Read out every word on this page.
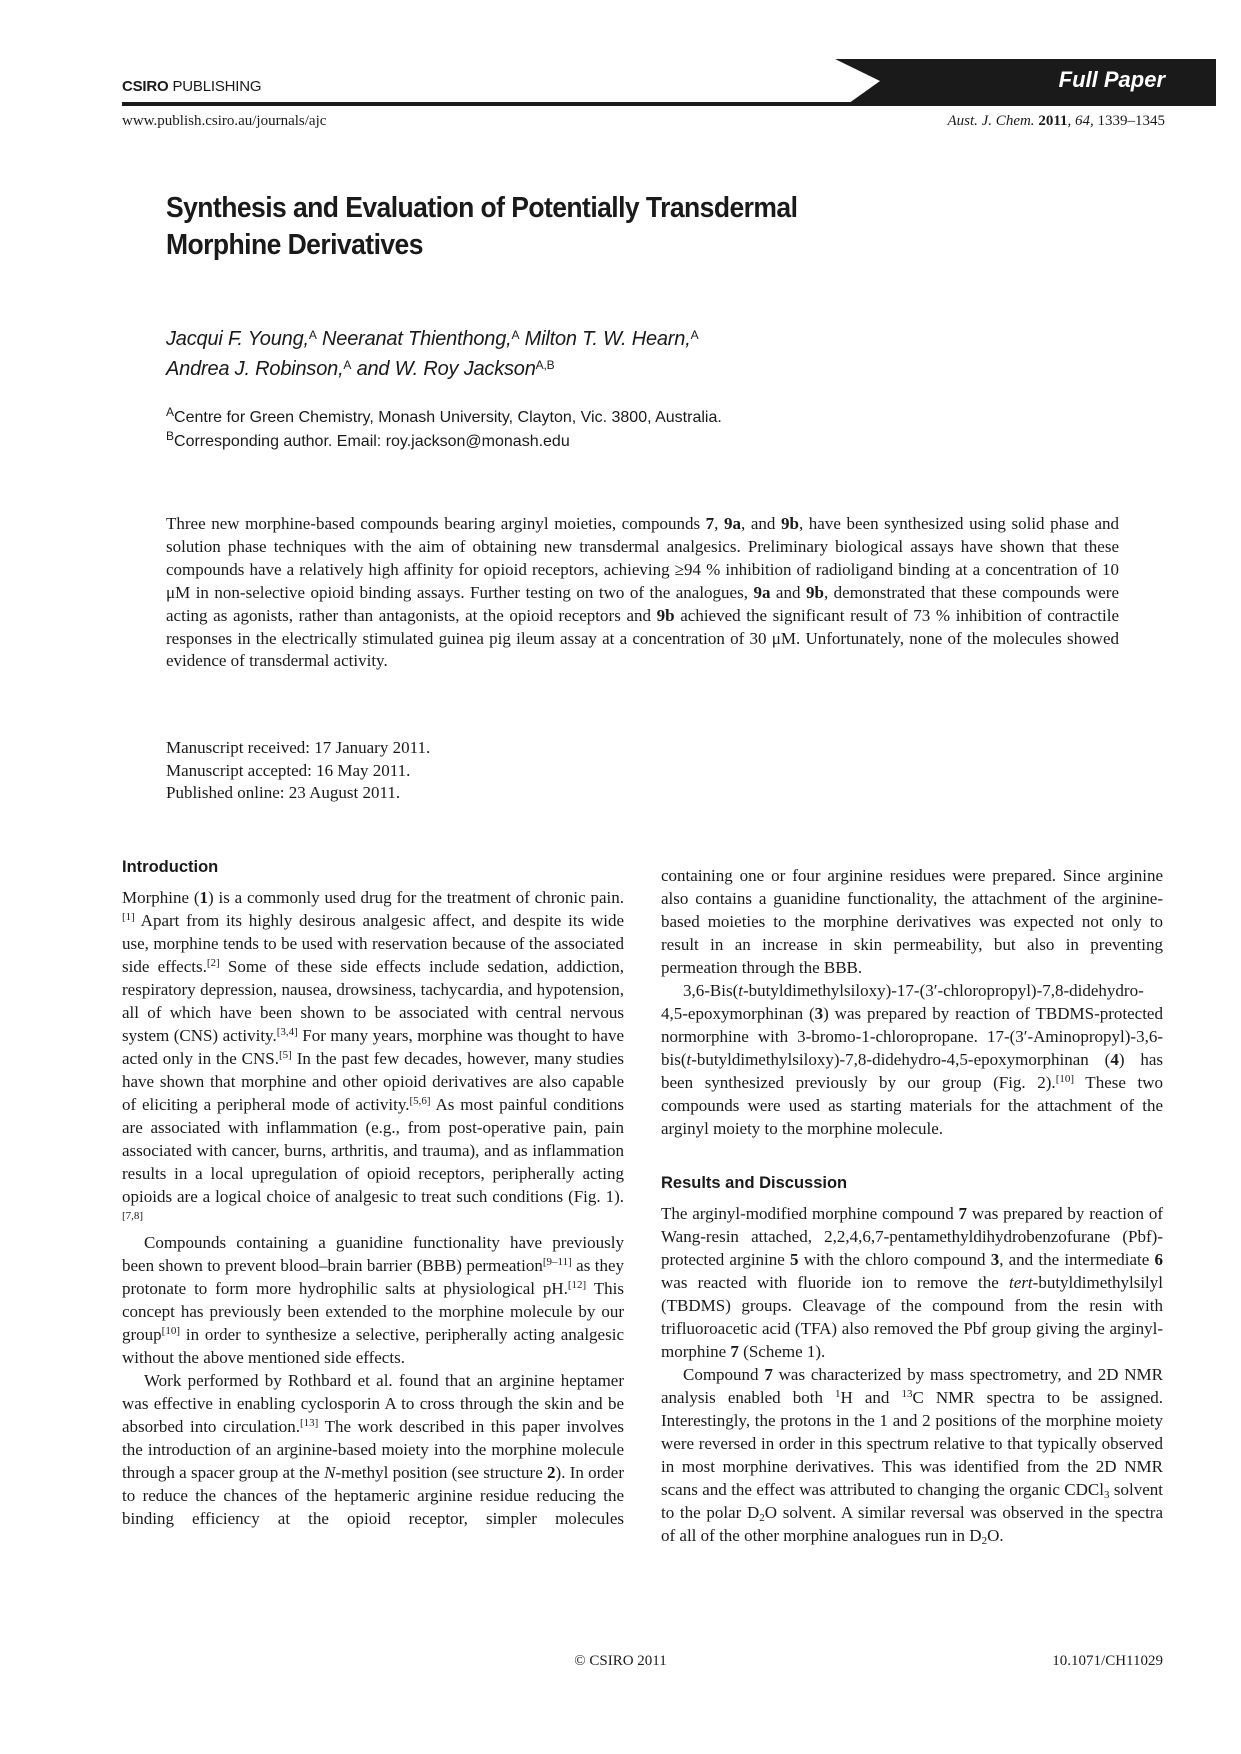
CSIRO PUBLISHING	Full Paper
www.publish.csiro.au/journals/ajc	Aust. J. Chem. 2011, 64, 1339–1345
Synthesis and Evaluation of Potentially Transdermal
Morphine Derivatives
Jacqui F. Young,$^A$ Neeranat Thienthong,$^A$ Milton T. W. Hearn,$^A$
Andrea J. Robinson,$^A$ and W. Roy Jackson$^{A,B}$
$^A$Centre for Green Chemistry, Monash University, Clayton, Vic. 3800, Australia.
$^B$Corresponding author. Email: roy.jackson@monash.edu
Three new morphine-based compounds bearing arginyl moieties, compounds 7, 9a, and 9b, have been synthesized using solid phase and solution phase techniques with the aim of obtaining new transdermal analgesics. Preliminary biological assays have shown that these compounds have a relatively high affinity for opioid receptors, achieving ≥94 % inhibition of radioligand binding at a concentration of 10 μM in non-selective opioid binding assays. Further testing on two of the analogues, 9a and 9b, demonstrated that these compounds were acting as agonists, rather than antagonists, at the opioid receptors and 9b achieved the significant result of 73 % inhibition of contractile responses in the electrically stimulated guinea pig ileum assay at a concentration of 30 μM. Unfortunately, none of the molecules showed evidence of transdermal activity.
Manuscript received: 17 January 2011.
Manuscript accepted: 16 May 2011.
Published online: 23 August 2011.
Introduction

Morphine (1) is a commonly used drug for the treatment of chronic pain.[1] Apart from its highly desirous analgesic affect, and despite its wide use, morphine tends to be used with reservation because of the associated side effects.[2] Some of these side effects include sedation, addiction, respiratory depression, nausea, drowsiness, tachycardia, and hypotension, all of which have been shown to be associated with central nervous system (CNS) activity.[3,4] For many years, morphine was thought to have acted only in the CNS.[5] In the past few decades, however, many studies have shown that morphine and other opioid derivatives are also capable of eliciting a peripheral mode of activity.[5,6] As most painful conditions are associated with inflammation (e.g., from post-operative pain, pain associated with cancer, burns, arthritis, and trauma), and as inflammation results in a local upregulation of opioid receptors, peripherally acting opioids are a logical choice of analgesic to treat such conditions (Fig. 1).[7,8]

Compounds containing a guanidine functionality have previously been shown to prevent blood–brain barrier (BBB) permeation[9–11] as they protonate to form more hydrophilic salts at physiological pH.[12] This concept has previously been extended to the morphine molecule by our group[10] in order to synthesize a selective, peripherally acting analgesic without the above mentioned side effects.

Work performed by Rothbard et al. found that an arginine heptamer was effective in enabling cyclosporin A to cross through the skin and be absorbed into circulation.[13] The work described in this paper involves the introduction of an arginine-based moiety into the morphine molecule through a spacer group at the N-methyl position (see structure 2). In order to reduce the chances of the heptameric arginine residue reducing the binding efficiency at the opioid receptor, simpler molecules

containing one or four arginine residues were prepared. Since arginine also contains a guanidine functionality, the attachment of the arginine-based moieties to the morphine derivatives was expected not only to result in an increase in skin permeability, but also in preventing permeation through the BBB.

3,6-Bis(t-butyldimethylsiloxy)-17-(3′-chloropropyl)-7,8-didehydro-4,5-epoxymorphinan (3) was prepared by reaction of TBDMS-protected normorphine with 3-bromo-1-chloropropane. 17-(3′-Aminopropyl)-3,6-bis(t-butyldimethylsiloxy)-7,8-didehydro-4,5-epoxymorphinan (4) has been synthesized previously by our group (Fig. 2).[10] These two compounds were used as starting materials for the attachment of the arginyl moiety to the morphine molecule.

Results and Discussion

The arginyl-modified morphine compound 7 was prepared by reaction of Wang-resin attached, 2,2,4,6,7-pentamethyldihydrobenzofurane (Pbf)-protected arginine 5 with the chloro compound 3, and the intermediate 6 was reacted with fluoride ion to remove the tert-butyldimethylsilyl (TBDMS) groups. Cleavage of the compound from the resin with trifluoroacetic acid (TFA) also removed the Pbf group giving the arginyl-morphine 7 (Scheme 1).

Compound 7 was characterized by mass spectrometry, and 2D NMR analysis enabled both $^1$H and $^{13}$C NMR spectra to be assigned. Interestingly, the protons in the 1 and 2 positions of the morphine moiety were reversed in order in this spectrum relative to that typically observed in most morphine derivatives. This was identified from the 2D NMR scans and the effect was attributed to changing the organic CDCl$_3$ solvent to the polar $D_2O$ solvent. A similar reversal was observed in the spectra of all of the other morphine analogues run in $D_2O$.

© CSIRO 2011	10.1071/CH11029
